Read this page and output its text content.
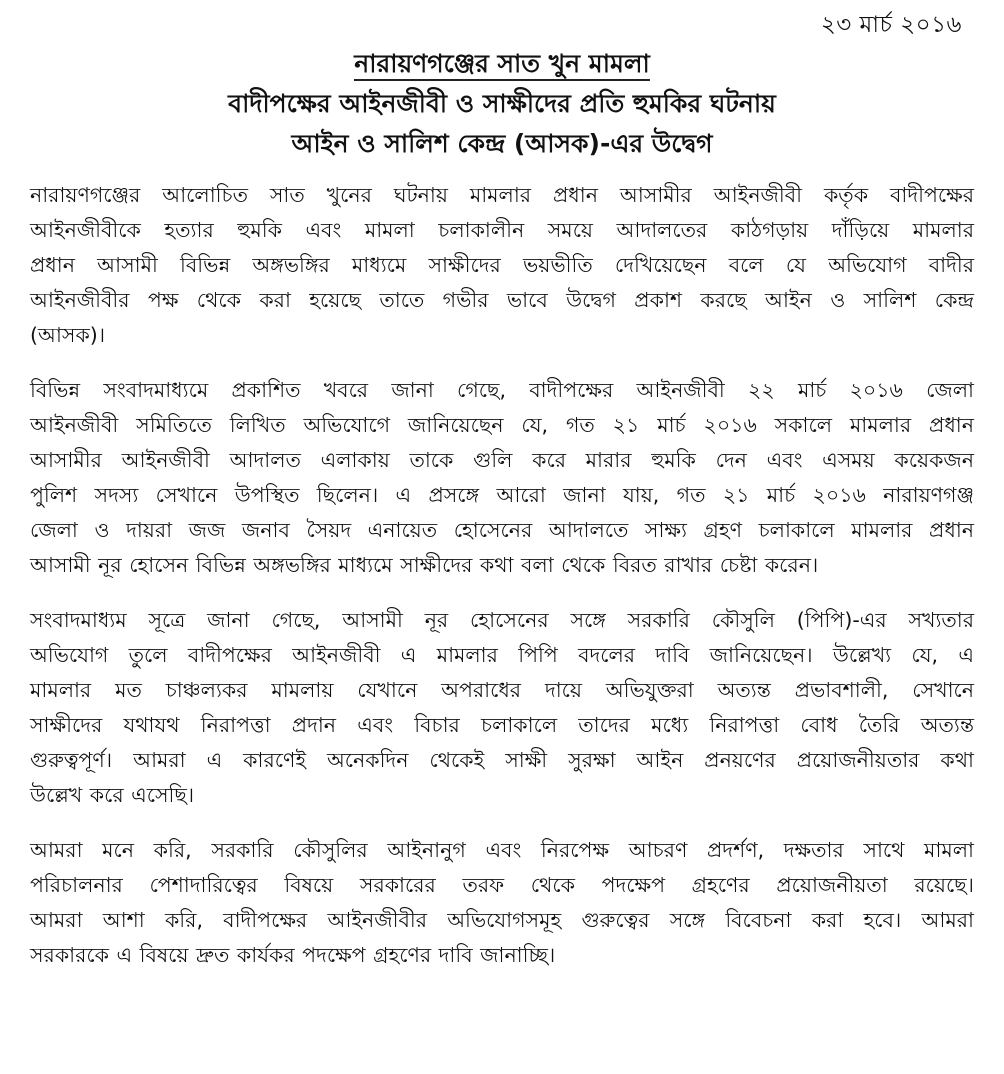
২৩ মার্চ ২০১৬
নারায়ণগঞ্জের সাত খুন মামলা
বাদীপক্ষের আইনজীবী ও সাক্ষীদের প্রতি হুমকির ঘটনায়
আইন ও সালিশ কেন্দ্র (আসক)-এর উদ্বেগ

নারায়ণগঞ্জের আলোচিত সাত খুনের ঘটনায় মামলার প্রধান আসামীর আইনজীবী কর্তৃক বাদীপক্ষের
আইনজীবীকে হত্যার হুমকি এবং মামলা চলাকালীন সময়ে আদালতের কাঠগড়ায় দাঁড়িয়ে মামলার
প্রধান আসামী বিভিন্ন অঙ্গভঙ্গির মাধ্যমে সাক্ষীদের ভয়ভীতি দেখিয়েছেন বলে যে অভিযোগ বাদীর
আইনজীবীর পক্ষ থেকে করা হয়েছে তাতে গভীর ভাবে উদ্বেগ প্রকাশ করছে আইন ও সালিশ কেন্দ্র
(আসক)।

বিভিন্ন সংবাদমাধ্যমে প্রকাশিত খবরে জানা গেছে, বাদীপক্ষের আইনজীবী ২২ মার্চ ২০১৬ জেলা
আইনজীবী সমিতিতে লিখিত অভিযোগে জানিয়েছেন যে, গত ২১ মার্চ ২০১৬ সকালে মামলার প্রধান
আসামীর আইনজীবী আদালত এলাকায় তাকে গুলি করে মারার হুমকি দেন এবং এসময় কয়েকজন
পুলিশ সদস্য সেখানে উপস্থিত ছিলেন। এ প্রসঙ্গে আরো জানা যায়, গত ২১ মার্চ ২০১৬ নারায়ণগঞ্জ
জেলা ও দায়রা জজ জনাব সৈয়দ এনায়েত হোসেনের আদালতে সাক্ষ্য গ্রহণ চলাকালে মামলার প্রধান
আসামী নূর হোসেন বিভিন্ন অঙ্গভঙ্গির মাধ্যমে সাক্ষীদের কথা বলা থেকে বিরত রাখার চেষ্টা করেন।

সংবাদমাধ্যম সূত্রে জানা গেছে, আসামী নূর হোসেনের সঙ্গে সরকারি কৌসুলি (পিপি)-এর সখ্যতার
অভিযোগ তুলে বাদীপক্ষের আইনজীবী এ মামলার পিপি বদলের দাবি জানিয়েছেন। উল্লেখ্য যে, এ
মামলার মত চাঞ্চল্যকর মামলায় যেখানে অপরাধের দায়ে অভিযুক্তরা অত্যন্ত প্রভাবশালী, সেখানে
সাক্ষীদের যথাযথ নিরাপত্তা প্রদান এবং বিচার চলাকালে তাদের মধ্যে নিরাপত্তা বোধ তৈরি অত্যন্ত
গুরুত্বপূর্ণ। আমরা এ কারণেই অনেকদিন থেকেই সাক্ষী সুরক্ষা আইন প্রনয়ণের প্রয়োজনীয়তার কথা
উল্লেখ করে এসেছি।

আমরা মনে করি, সরকারি কৌসুলির আইনানুগ এবং নিরপেক্ষ আচরণ প্রদর্শণ, দক্ষতার সাথে মামলা
পরিচালনার পেশাদারিত্বের বিষয়ে সরকারের তরফ থেকে পদক্ষেপ গ্রহণের প্রয়োজনীয়তা রয়েছে।
আমরা আশা করি, বাদীপক্ষের আইনজীবীর অভিযোগসমূহ গুরুত্বের সঙ্গে বিবেচনা করা হবে। আমরা
সরকারকে এ বিষয়ে দ্রুত কার্যকর পদক্ষেপ গ্রহণের দাবি জানাচ্ছি।
